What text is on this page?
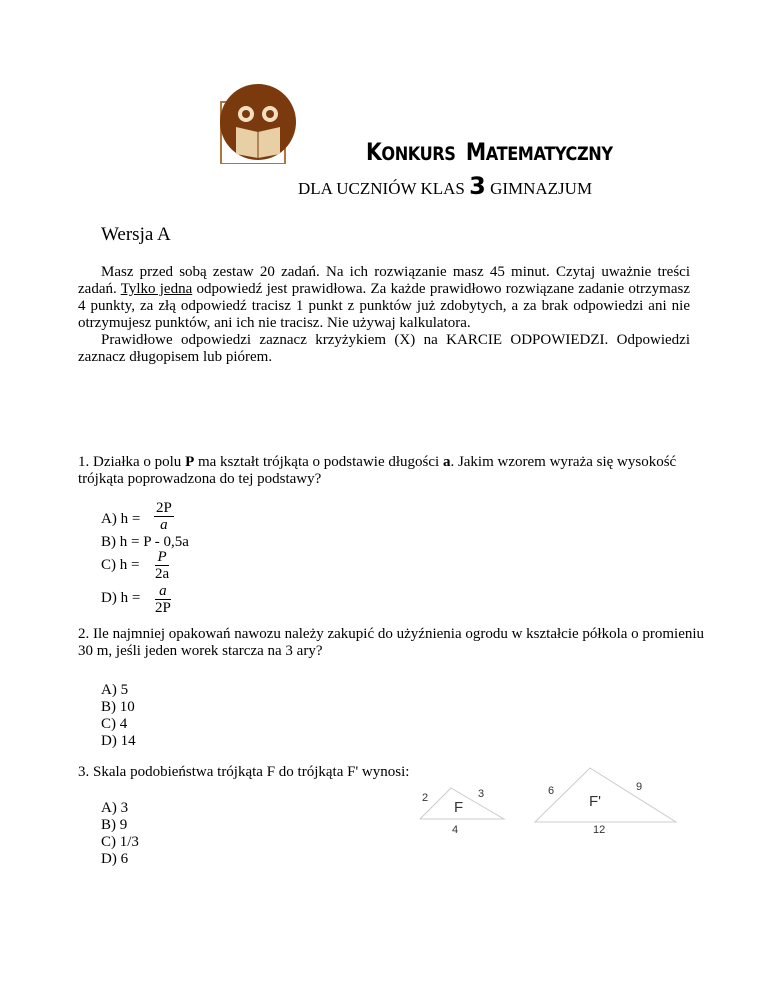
KONKURS MATEMATYCZNY
DLA UCZNIÓW KLAS 3 GIMNAZJUM
Wersja A
Masz przed sobą zestaw 20 zadań. Na ich rozwiązanie masz 45 minut. Czytaj uważnie treści zadań. Tylko jedna odpowiedź jest prawidłowa. Za każde prawidłowo rozwiązane zadanie otrzymasz 4 punkty, za złą odpowiedź tracisz 1 punkt z punktów już zdobytych, a za brak odpowiedzi ani nie otrzymujesz punktów, ani ich nie tracisz. Nie używaj kalkulatora.
Prawidłowe odpowiedzi zaznacz krzyżykiem (X) na KARCIE ODPOWIEDZI. Odpowiedzi zaznacz długopisem lub piórem.
1. Działka o polu P ma kształt trójkąta o podstawie długości a. Jakim wzorem wyraża się wysokość
trójkąta poprowadzona do tej podstawy?
A) h =
2P
a
B) h = P - 0,5a
C) h = P
2a
D) h = a
2P
2. Ile najmniej opakowań nawozu należy zakupić do użyźnienia ogrodu w kształcie półkola o promieniu
30 m, jeśli jeden worek starcza na 3 ary?
A) 5
B) 10
C) 4
D) 14
3. Skala podobieństwa trójkąta F do trójkąta F' wynosi:
A) 3
B) 9
C) 1/3
D) 6
2	3
4
F
6	9
12
F'
